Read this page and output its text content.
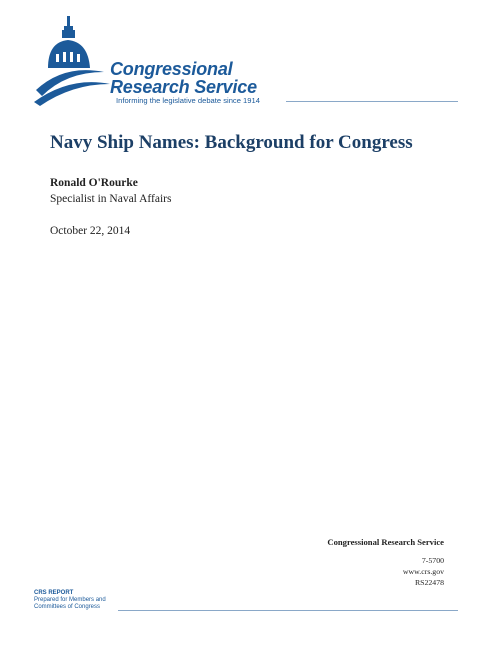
Congressional
Research Service
Informing the legislative debate since 1914
Navy Ship Names: Background for Congress
Ronald O'Rourke
Specialist in Naval Affairs
October 22, 2014
Congressional Research Service
7-5700
www.crs.gov
RS22478
CRS REPORT
Prepared for Members and
Committees of Congress
